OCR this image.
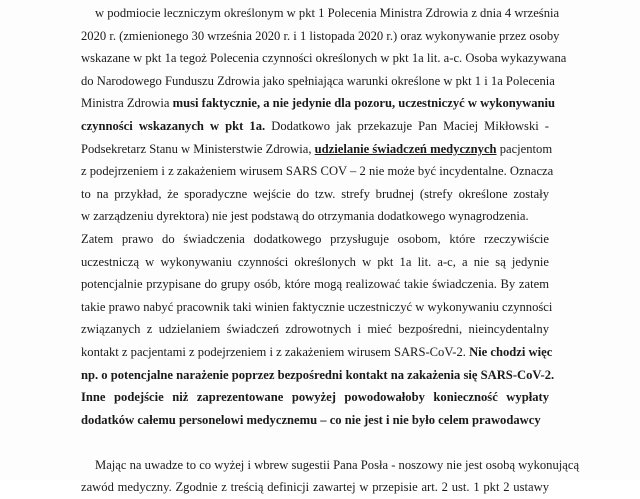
w podmiocie leczniczym określonym w pkt 1 Polecenia Ministra Zdrowia z dnia 4 września
2020 r. (zmienionego 30 września 2020 r. i 1 listopada 2020 r.) oraz wykonywanie przez osoby
wskazane w pkt 1a tegoż Polecenia czynności określonych w pkt 1a lit. a-c. Osoba wykazywana
do Narodowego Funduszu Zdrowia jako spełniająca warunki określone w pkt 1 i 1a Polecenia
Ministra Zdrowia musi faktycznie, a nie jedynie dla pozoru, uczestniczyć w wykonywaniu
czynności wskazanych w pkt 1a. Dodatkowo jak przekazuje Pan Maciej Mikłowski -
Podsekretarz Stanu w Ministerstwie Zdrowia, udzielanie świadczeń medycznych pacjentom
z podejrzeniem i z zakażeniem wirusem SARS COV – 2 nie może być incydentalne. Oznacza
to na przykład, że sporadyczne wejście do tzw. strefy brudnej (strefy określone zostały
w zarządzeniu dyrektora) nie jest podstawą do otrzymania dodatkowego wynagrodzenia.
Zatem prawo do świadczenia dodatkowego przysługuje osobom, które rzeczywiście
uczestniczą w wykonywaniu czynności określonych w pkt 1a lit. a-c, a nie są jedynie
potencjalnie przypisane do grupy osób, które mogą realizować takie świadczenia. By zatem
takie prawo nabyć pracownik taki winien faktycznie uczestniczyć w wykonywaniu czynności
związanych z udzielaniem świadczeń zdrowotnych i mieć bezpośredni, nieincydentalny
kontakt z pacjentami z podejrzeniem i z zakażeniem wirusem SARS-CoV-2. Nie chodzi więc
np. o potencjalne narażenie poprzez bezpośredni kontakt na zakażenia się SARS-CoV-2.
Inne podejście niż zaprezentowane powyżej powodowałoby konieczność wypłaty
dodatków całemu personelowi medycznemu – co nie jest i nie było celem prawodawcy
Mając na uwadze to co wyżej i wbrew sugestii Pana Posła - noszowy nie jest osobą wykonującą
zawód medyczny. Zgodnie z treścią definicji zawartej w przepisie art. 2 ust. 1 pkt 2 ustawy
